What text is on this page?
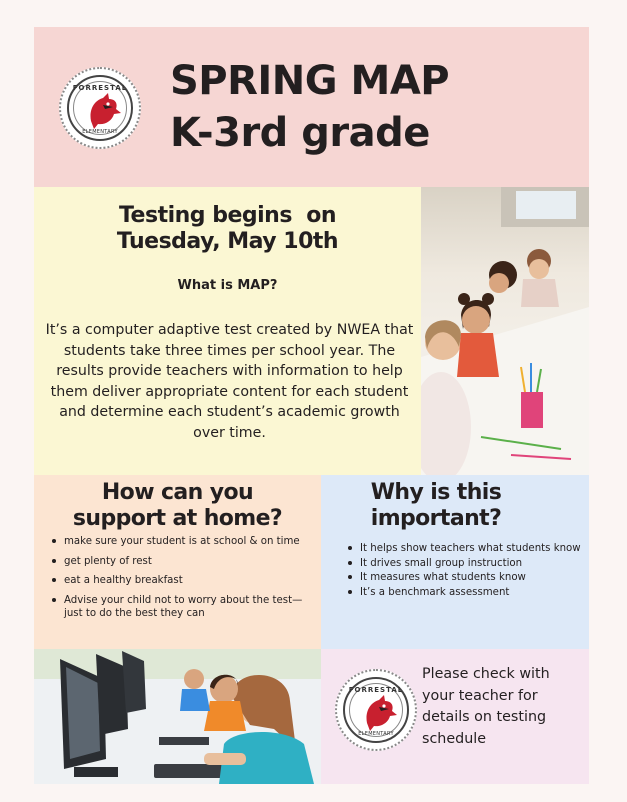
FORRESTAL
ELEMENTARY
SPRING MAP
K-3rd grade
Testing begins  on
Tuesday, May 10th
What is MAP?
It’s a computer adaptive test created by NWEA that students take three times per school year. The results provide teachers with information to help them deliver appropriate content for each student and determine each student’s academic growth over time.
How can you
support at home?
make sure your student is at school & on time
get plenty of rest
eat a healthy breakfast
Advise your child not to worry about the test—just to do the best they can
Why is this
important?
It helps show teachers what students know
It drives small group instruction
It measures what students know
It’s a benchmark assessment
FORRESTAL
ELEMENTARY
Please check with your teacher for details on testing schedule
